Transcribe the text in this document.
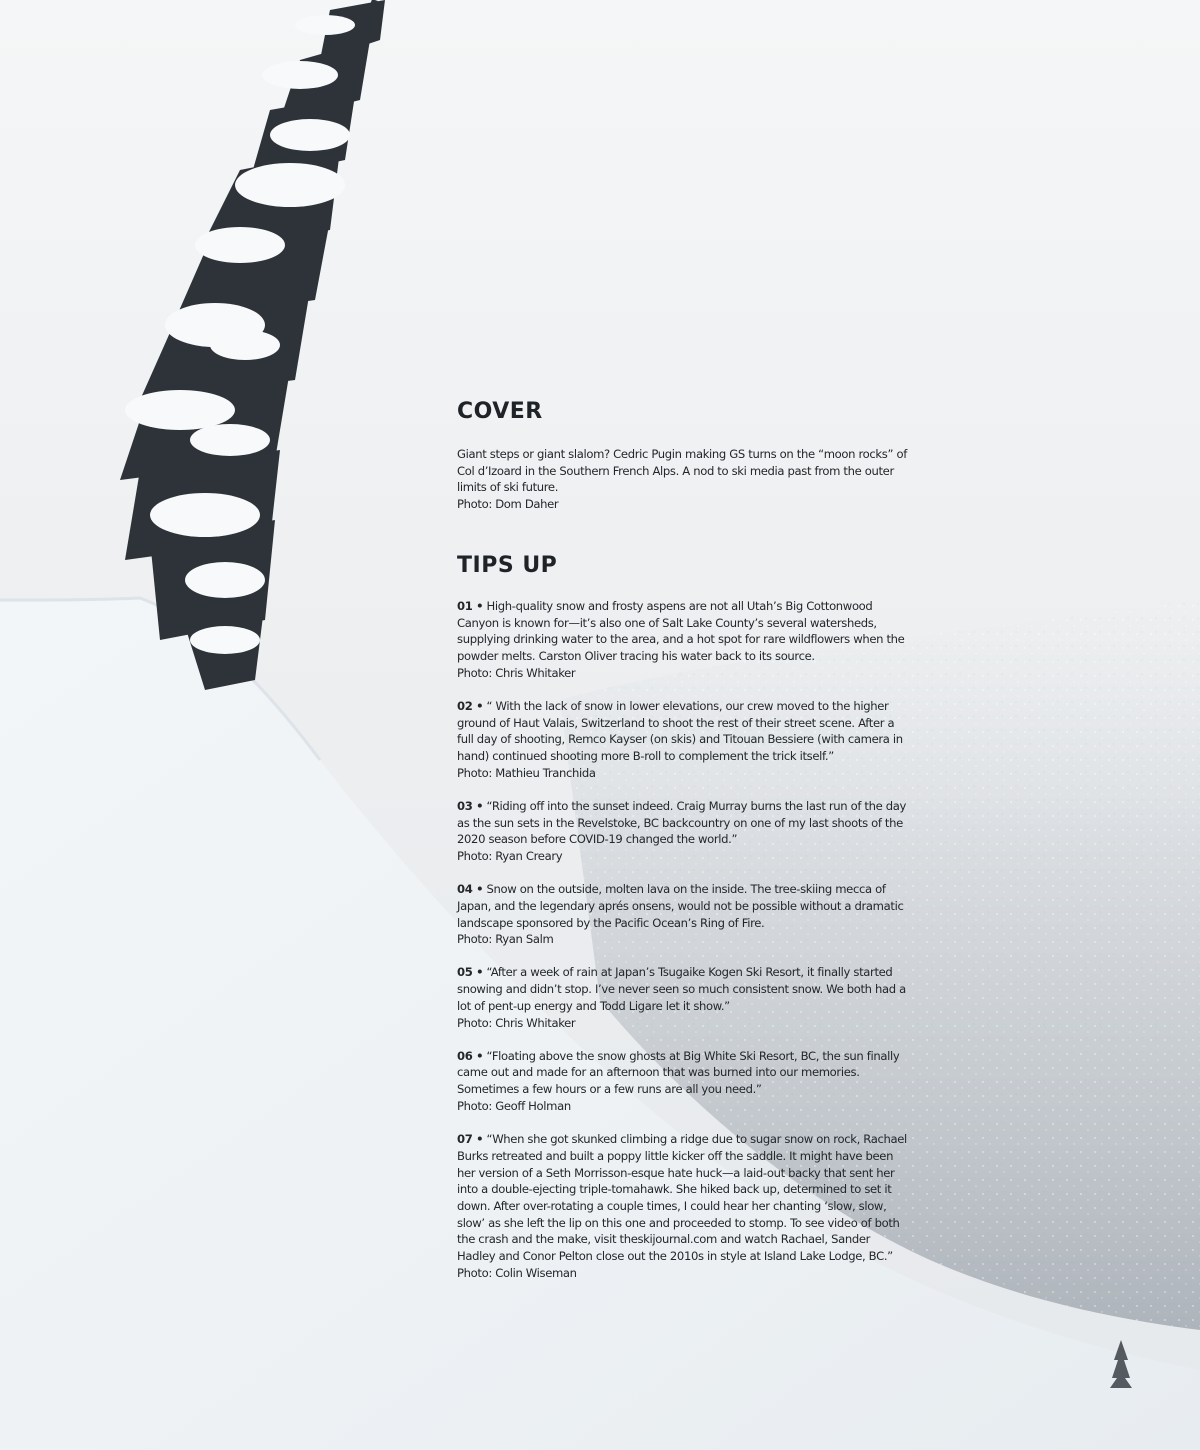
COVER

Giant steps or giant slalom? Cedric Pugin making GS turns on the “moon rocks” of Col d’Izoard in the Southern French Alps. A nod to ski media past from the outer limits of ski future.
Photo: Dom Daher

TIPS UP

01 • High-quality snow and frosty aspens are not all Utah’s Big Cottonwood Canyon is known for—it’s also one of Salt Lake County’s several watersheds, supplying drinking water to the area, and a hot spot for rare wildflowers when the powder melts. Carston Oliver tracing his water back to its source.
Photo: Chris Whitaker

02 • “ With the lack of snow in lower elevations, our crew moved to the higher ground of Haut Valais, Switzerland to shoot the rest of their street scene. After a full day of shooting, Remco Kayser (on skis) and Titouan Bessiere (with camera in hand) continued shooting more B-roll to complement the trick itself.”
Photo: Mathieu Tranchida

03 • “Riding off into the sunset indeed. Craig Murray burns the last run of the day as the sun sets in the Revelstoke, BC backcountry on one of my last shoots of the 2020 season before COVID-19 changed the world.”
Photo: Ryan Creary

04 • Snow on the outside, molten lava on the inside. The tree-skiing mecca of Japan, and the legendary aprés onsens, would not be possible without a dramatic landscape sponsored by the Pacific Ocean’s Ring of Fire.
Photo: Ryan Salm

05 • “After a week of rain at Japan’s Tsugaike Kogen Ski Resort, it finally started snowing and didn’t stop. I’ve never seen so much consistent snow. We both had a lot of pent-up energy and Todd Ligare let it show.”
Photo: Chris Whitaker

06 • “Floating above the snow ghosts at Big White Ski Resort, BC, the sun finally came out and made for an afternoon that was burned into our memories. Sometimes a few hours or a few runs are all you need.”
Photo: Geoff Holman

07 • “When she got skunked climbing a ridge due to sugar snow on rock, Rachael Burks retreated and built a poppy little kicker off the saddle. It might have been her version of a Seth Morrisson-esque hate huck—a laid-out backy that sent her into a double-ejecting triple-tomahawk. She hiked back up, determined to set it down. After over-rotating a couple times, I could hear her chanting ‘slow, slow, slow’ as she left the lip on this one and proceeded to stomp. To see video of both the crash and the make, visit theskijournal.com and watch Rachael, Sander Hadley and Conor Pelton close out the 2010s in style at Island Lake Lodge, BC.”
Photo: Colin Wiseman
